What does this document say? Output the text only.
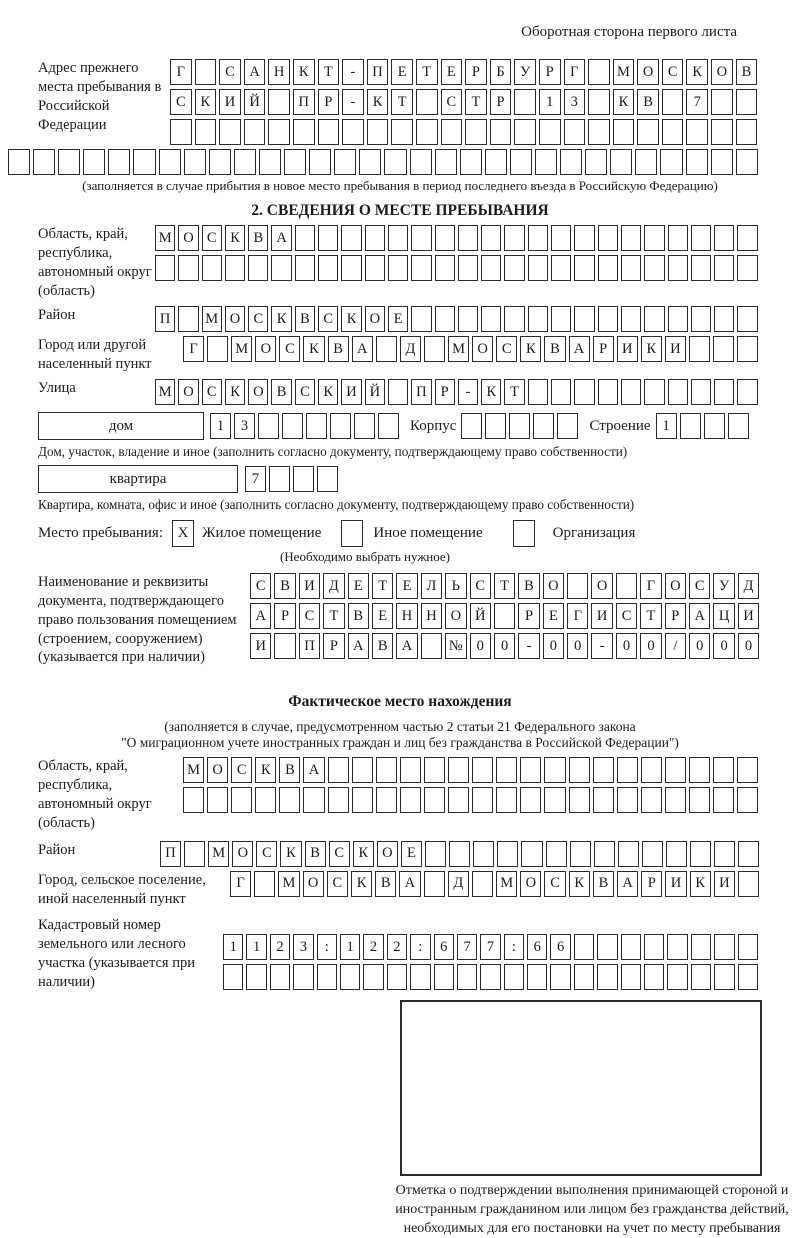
Оборотная сторона первого листа
Адрес прежнего места пребывания в Российской Федерации
Г	С	А Н	К	Т	-	П	Е	Т	Е	Р	Б	У	Р	Г	М О	С	К	О	В
С	К	И Й	П	Р	-	К	Т	С	Т	Р	1	3	К	В	7
(заполняется в случае прибытия в новое место пребывания в период последнего въезда в Российскую Федерацию)
2. СВЕДЕНИЯ О МЕСТЕ ПРЕБЫВАНИЯ
Область, край, республика, автономный округ (область)
М О С К В А
Район	П	М О С К В С К О Е
Город или другой населенный пункт
Г	М О С К В А	Д	М О С К В А	Р	И К И
Улица	М О С К О В С К И Й	П Р	-	К Т
дом	1	3	Корпус	Строение 1
Дом, участок, владение и иное (заполнить согласно документу, подтверждающему право собственности)
квартира	7
Квартира, комната, офис и иное (заполнить согласно документу, подтверждающему право собственности)
Место пребывания: X Жилое помещение	Иное помещение	Организация
(Необходимо выбрать нужное)
Наименование и реквизиты документа, подтверждающего право пользования помещением (строением, сооружением) (указывается при наличии)
С	В И Д	Е	Т	Е	Л	Ь	С	Т	В О	О	Г	О С У Д
А	Р	С	Т	В	Е	Н Н О Й	Р	Е	Г	И С	Т	Р	А Ц И
И	П	Р	А В А	№ 0	0	-	0	0	-	0	0	/	0	0	0
Фактическое место нахождения
(заполняется в случае, предусмотренном частью 2 статьи 21 Федерального закона
"О миграционном учете иностранных граждан и лиц без гражданства в Российской Федерации")
Область, край, республика, автономный округ (область)
М О С К В А
Район	П	М О С К В С К О Е
Город, сельское поселение, иной населенный пункт
Г	М О С	К	В А	Д	М О С	К	В А	Р	И К И
Кадастровый номер земельного или лесного участка (указывается при наличии)
1	1	2	3	:	1	2	2	:	6	7	7	:	6	6
Отметка о подтверждении выполнения принимающей стороной и иностранным гражданином или лицом без гражданства действий, необходимых для его постановки на учет по месту пребывания
